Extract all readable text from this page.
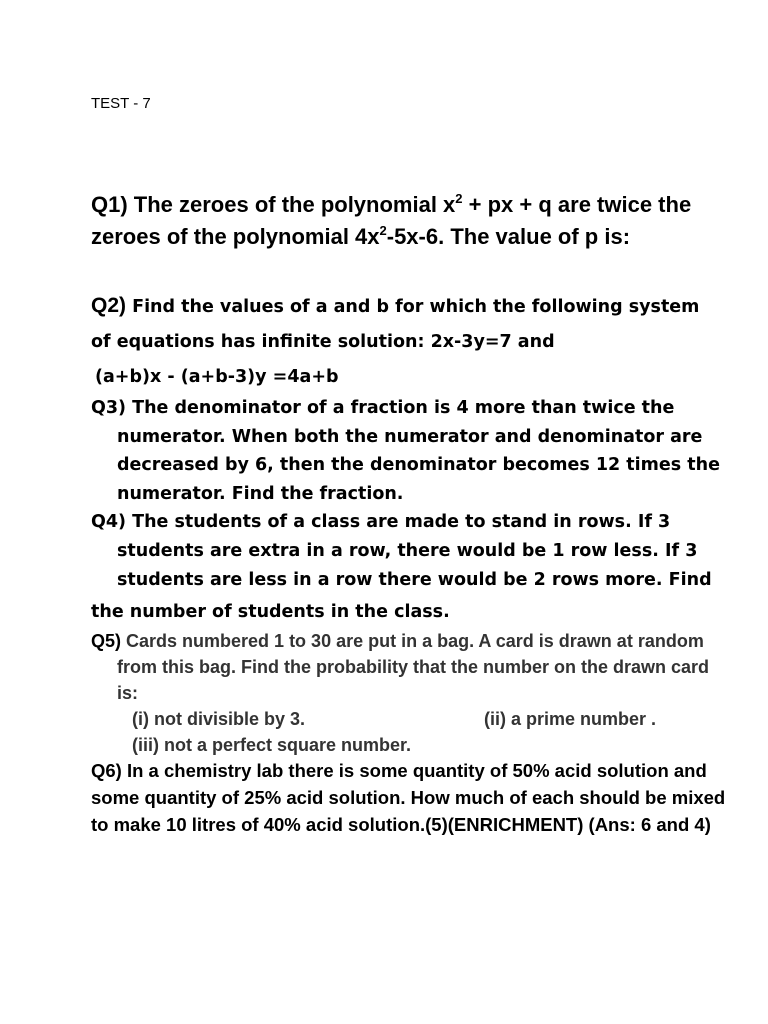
TEST - 7
Q1) The zeroes of the polynomial $x^2$ + px + q are twice the zeroes of the polynomial $4x^2-5x-6$. The value of p is:
Q2) Find the values of a and b for which the following system of equations has infinite solution: 2x-3y=7 and
(a+b)x - (a+b-3)y =4a+b
Q3) The denominator of a fraction is 4 more than twice the numerator. When both the numerator and denominator are decreased by 6, then the denominator becomes 12 times the numerator. Find the fraction.
Q4) The students of a class are made to stand in rows. If 3 students are extra in a row, there would be 1 row less. If 3 students are less in a row there would be 2 rows more. Find
the number of students in the class.
Q5) Cards numbered 1 to 30 are put in a bag. A card is drawn at random from this bag. Find the probability that the number on the drawn card is:
(i) not divisible by 3.	(ii) a prime number .
(iii) not a perfect square number.
Q6) In a chemistry lab there is some quantity of 50% acid solution and some quantity of 25% acid solution. How much of each should be mixed to make 10 litres of 40% acid solution.(5)(ENRICHMENT) (Ans: 6 and 4)
